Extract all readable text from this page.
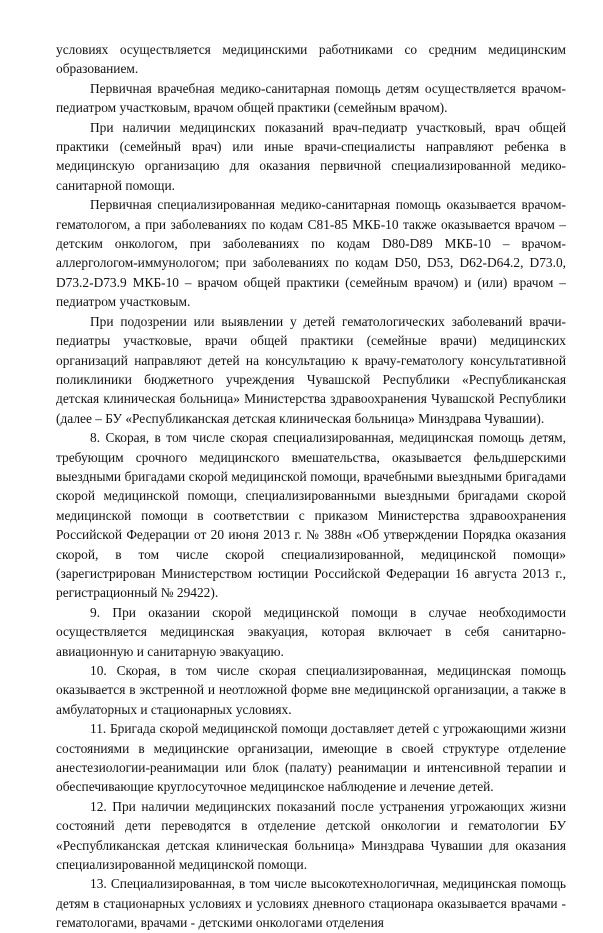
условиях осуществляется медицинскими работниками со средним медицинским образованием.

Первичная врачебная медико-санитарная помощь детям осуществляется врачом-педиатром участковым, врачом общей практики (семейным врачом).

При наличии медицинских показаний врач-педиатр участковый, врач общей практики (семейный врач) или иные врачи-специалисты направляют ребенка в медицинскую организацию для оказания первичной специализированной медико-санитарной помощи.

Первичная специализированная медико-санитарная помощь оказывается врачом-гематологом, а при заболеваниях по кодам С81-85 МКБ-10 также оказывается врачом – детским онкологом, при заболеваниях по кодам D80-D89 МКБ-10 – врачом-аллергологом-иммунологом; при заболеваниях по кодам D50, D53, D62-D64.2, D73.0, D73.2-D73.9 МКБ-10 – врачом общей практики (семейным врачом) и (или) врачом – педиатром участковым.

При подозрении или выявлении у детей гематологических заболеваний врачи-педиатры участковые, врачи общей практики (семейные врачи) медицинских организаций направляют детей на консультацию к врачу-гематологу консультативной поликлиники бюджетного учреждения Чувашской Республики «Республиканская детская клиническая больница» Министерства здравоохранения Чувашской Республики (далее – БУ «Республиканская детская клиническая больница» Минздрава Чувашии).

8. Скорая, в том числе скорая специализированная, медицинская помощь детям, требующим срочного медицинского вмешательства, оказывается фельдшерскими выездными бригадами скорой медицинской помощи, врачебными выездными бригадами скорой медицинской помощи, специализированными выездными бригадами скорой медицинской помощи в соответствии с приказом Министерства здравоохранения Российской Федерации от 20 июня 2013 г. № 388н «Об утверждении Порядка оказания скорой, в том числе скорой специализированной, медицинской помощи» (зарегистрирован Министерством юстиции Российской Федерации 16 августа 2013 г., регистрационный № 29422).

9. При оказании скорой медицинской помощи в случае необходимости осуществляется медицинская эвакуация, которая включает в себя санитарно-авиационную и санитарную эвакуацию.

10. Скорая, в том числе скорая специализированная, медицинская помощь оказывается в экстренной и неотложной форме вне медицинской организации, а также в амбулаторных и стационарных условиях.

11. Бригада скорой медицинской помощи доставляет детей с угрожающими жизни состояниями в медицинские организации, имеющие в своей структуре отделение анестезиологии-реанимации или блок (палату) реанимации и интенсивной терапии и обеспечивающие круглосуточное медицинское наблюдение и лечение детей.

12. При наличии медицинских показаний после устранения угрожающих жизни состояний дети переводятся в отделение детской онкологии и гематологии БУ «Республиканская детская клиническая больница» Минздрава Чувашии для оказания специализированной медицинской помощи.

13. Специализированная, в том числе высокотехнологичная, медицинская помощь детям в стационарных условиях и условиях дневного стационара оказывается врачами - гематологами, врачами - детскими онкологами отделения
